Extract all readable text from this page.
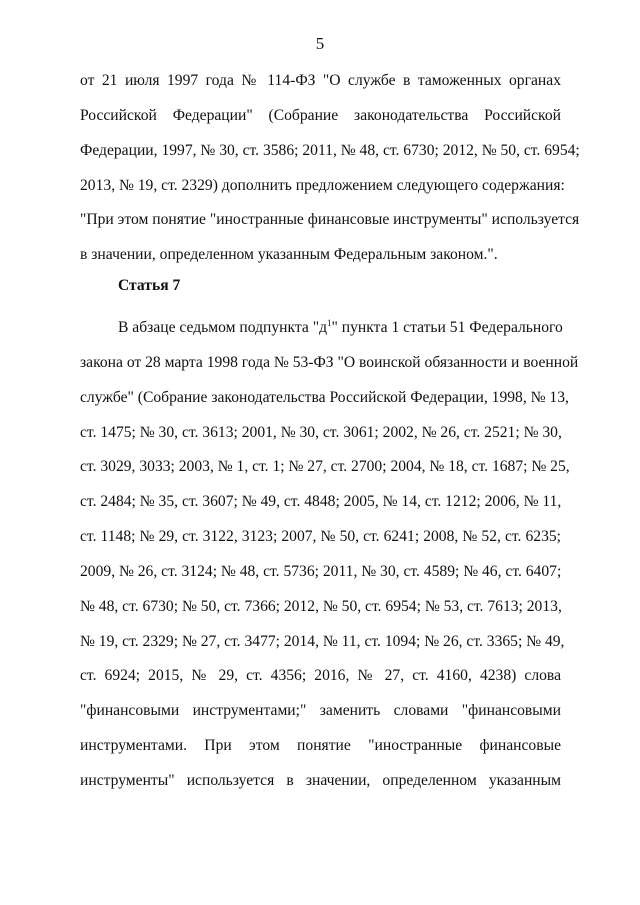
5
от 21 июля 1997 года № 114-ФЗ "О службе в таможенных органах
Российской Федерации" (Собрание законодательства Российской
Федерации, 1997, № 30, ст. 3586; 2011, № 48, ст. 6730; 2012, № 50, ст. 6954;
2013, № 19, ст. 2329) дополнить предложением следующего содержания:
"При этом понятие "иностранные финансовые инструменты" используется
в значении, определенном указанным Федеральным законом.".
Статья 7
В абзаце седьмом подпункта "$д^1$" пункта 1 статьи 51 Федерального
закона от 28 марта 1998 года № 53-ФЗ "О воинской обязанности и военной
службе" (Собрание законодательства Российской Федерации, 1998, № 13,
ст. 1475; № 30, ст. 3613; 2001, № 30, ст. 3061; 2002, № 26, ст. 2521; № 30,
ст. 3029, 3033; 2003, № 1, ст. 1; № 27, ст. 2700; 2004, № 18, ст. 1687; № 25,
ст. 2484; № 35, ст. 3607; № 49, ст. 4848; 2005, № 14, ст. 1212; 2006, № 11,
ст. 1148; № 29, ст. 3122, 3123; 2007, № 50, ст. 6241; 2008, № 52, ст. 6235;
2009, № 26, ст. 3124; № 48, ст. 5736; 2011, № 30, ст. 4589; № 46, ст. 6407;
№ 48, ст. 6730; № 50, ст. 7366; 2012, № 50, ст. 6954; № 53, ст. 7613; 2013,
№ 19, ст. 2329; № 27, ст. 3477; 2014, № 11, ст. 1094; № 26, ст. 3365; № 49,
ст. 6924; 2015, № 29, ст. 4356; 2016, № 27, ст. 4160, 4238) слова
"финансовыми инструментами;" заменить словами "финансовыми
инструментами. При этом понятие "иностранные финансовые
инструменты" используется в значении, определенном указанным
